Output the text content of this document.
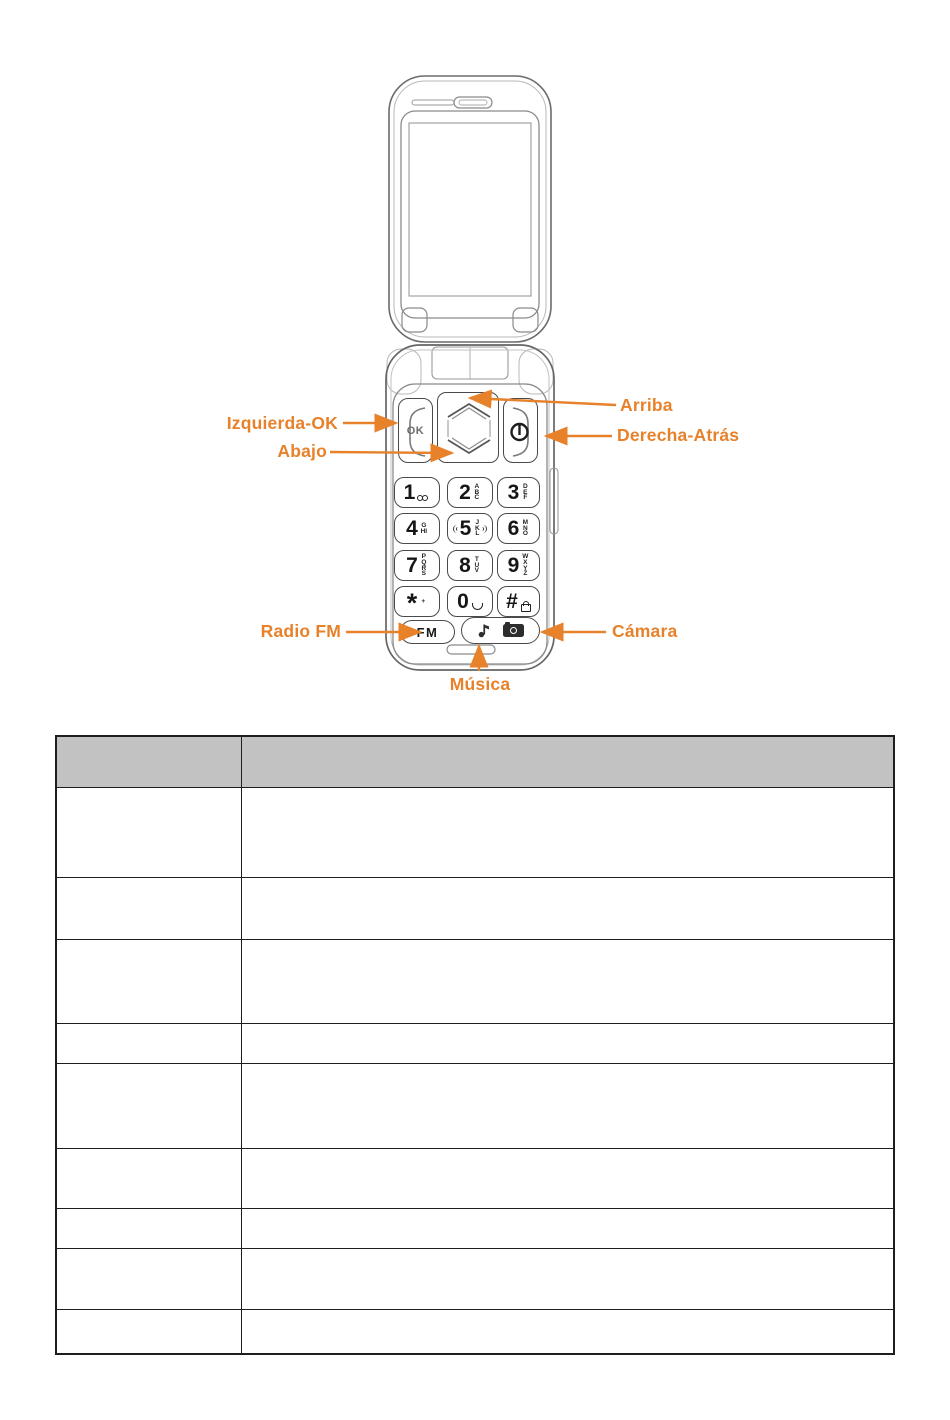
OK
1 2 ABC 3 DEF
4 GHI 5 JKL 6 MNO
7 PQRS 8 TUV 9 WXYZ
* + 0 #
FM
Izquierda-OK
Abajo
Arriba
Derecha-Atrás
Radio FM	Cámara
Música
